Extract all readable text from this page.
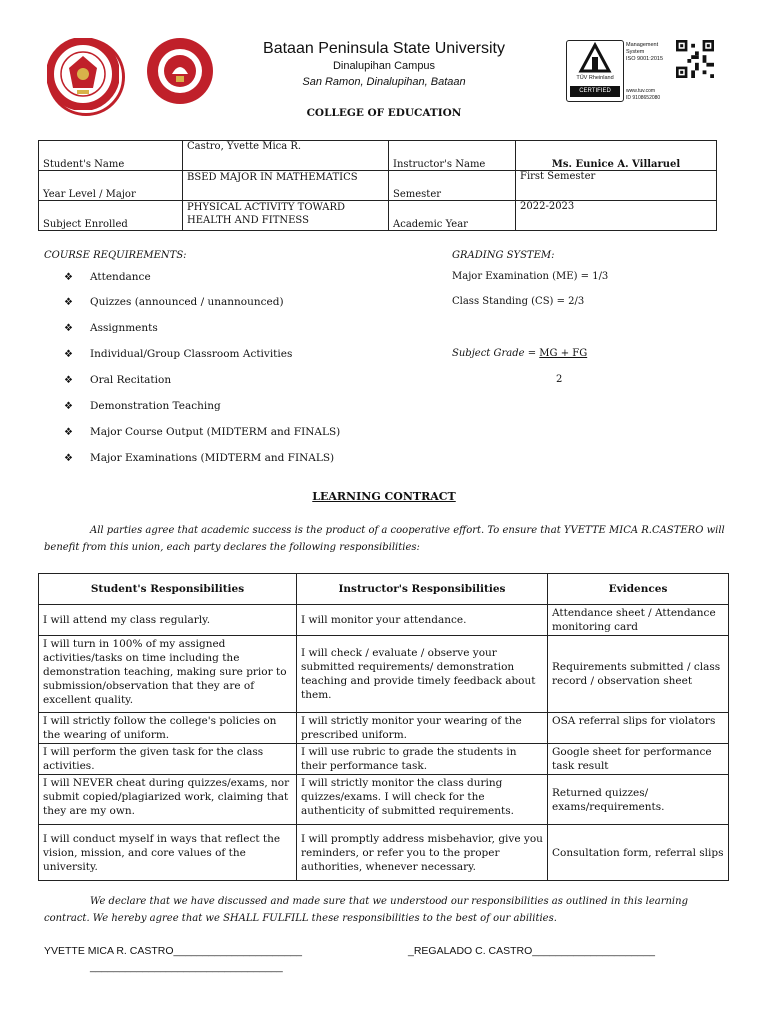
Bataan Peninsula State University
Dinalupihan Campus
San Ramon, Dinalupihan, Bataan	TÜV Rheinland
CERTIFIED
Management
System
ISO 9001:2015
www.tuv.com
ID 9108652080
COLLEGE OF EDUCATION
Student's Name	Castro, Yvette Mica R.	Instructor's Name	Ms. Eunice A. Villaruel
Year Level / Major	BSED MAJOR IN MATHEMATICS	Semester	First Semester
Subject Enrolled	PHYSICAL ACTIVITY TOWARD HEALTH AND FITNESS	Academic Year	2022-2023
COURSE REQUIREMENTS:	GRADING SYSTEM:
❖ Attendance
❖ Quizzes (announced / unannounced)
❖ Assignments
❖ Individual/Group Classroom Activities
❖ Oral Recitation
❖ Demonstration Teaching
❖ Major Course Output (MIDTERM and FINALS)
❖ Major Examinations (MIDTERM and FINALS)
Major Examination (ME) = 1/3
Class Standing (CS) = 2/3
Subject Grade = MG + FG
2
LEARNING CONTRACT
All parties agree that academic success is the product of a cooperative effort. To ensure that YVETTE MICA R.CASTERO will benefit from this union, each party declares the following responsibilities:
Student's Responsibilities	Instructor's Responsibilities	Evidences
I will attend my class regularly.	I will monitor your attendance.	Attendance sheet / Attendance monitoring card
I will turn in 100% of my assigned activities/tasks on time including the demonstration teaching, making sure prior to submission/observation that they are of excellent quality.	I will check / evaluate / observe your submitted requirements/ demonstration teaching and provide timely feedback about them.	Requirements submitted / class record / observation sheet
I will strictly follow the college's policies on the wearing of uniform.	I will strictly monitor your wearing of the prescribed uniform.	OSA referral slips for violators
I will perform the given task for the class activities.	I will use rubric to grade the students in their performance task.	Google sheet for performance task result
I will NEVER cheat during quizzes/exams, nor submit copied/plagiarized work, claiming that they are my own.	I will strictly monitor the class during quizzes/exams. I will check for the authenticity of submitted requirements.	Returned quizzes/ exams/requirements.
I will conduct myself in ways that reflect the vision, mission, and core values of the university.	I will promptly address misbehavior, give you reminders, or refer you to the proper authorities, whenever necessary.	Consultation form, referral slips
We declare that we have discussed and made sure that we understood our responsibilities as outlined in this learning contract. We hereby agree that we SHALL FULFILL these responsibilities to the best of our abilities.
YVETTE MICA R. CASTRO______________________	_REGALADO C. CASTRO_____________________
_________________________________
